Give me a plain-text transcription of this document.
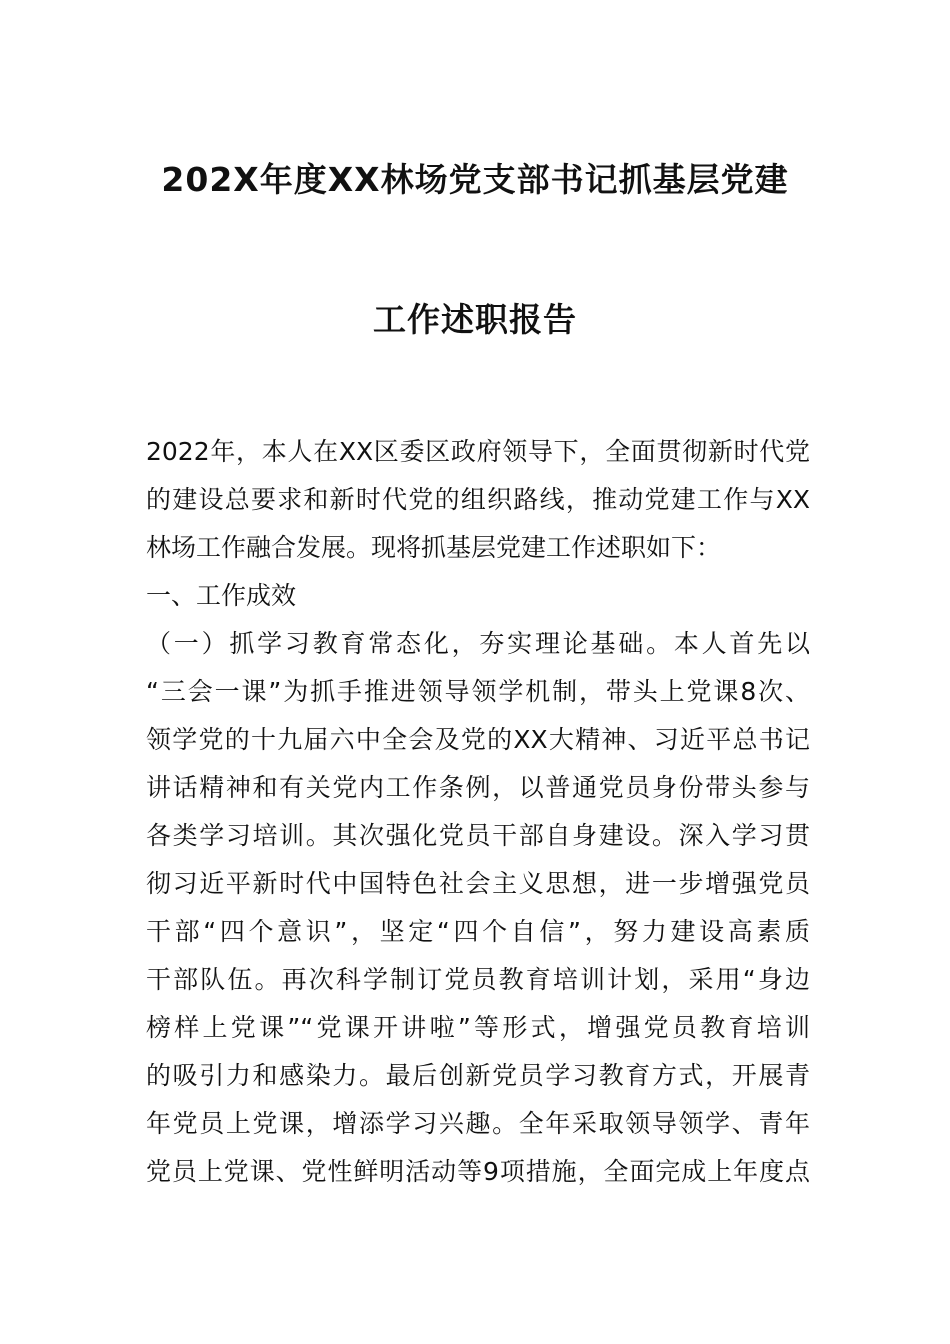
202X年度XX林场党支部书记抓基层党建
工作述职报告
2022年，本人在XX区委区政府领导下，全面贯彻新时代党
的建设总要求和新时代党的组织路线，推动党建工作与XX
林场工作融合发展。现将抓基层党建工作述职如下：
一、工作成效
（一）抓学习教育常态化，夯实理论基础。本人首先以
“三会一课”为抓手推进领导领学机制，带头上党课8次、
领学党的十九届六中全会及党的XX大精神、习近平总书记
讲话精神和有关党内工作条例，以普通党员身份带头参与
各类学习培训。其次强化党员干部自身建设。深入学习贯
彻习近平新时代中国特色社会主义思想，进一步增强党员
干部“四个意识”，坚定“四个自信”，努力建设高素质
干部队伍。再次科学制订党员教育培训计划，采用“身边
榜样上党课”“党课开讲啦”等形式，增强党员教育培训
的吸引力和感染力。最后创新党员学习教育方式，开展青
年党员上党课，增添学习兴趣。全年采取领导领学、青年
党员上党课、党性鲜明活动等9项措施，全面完成上年度点
